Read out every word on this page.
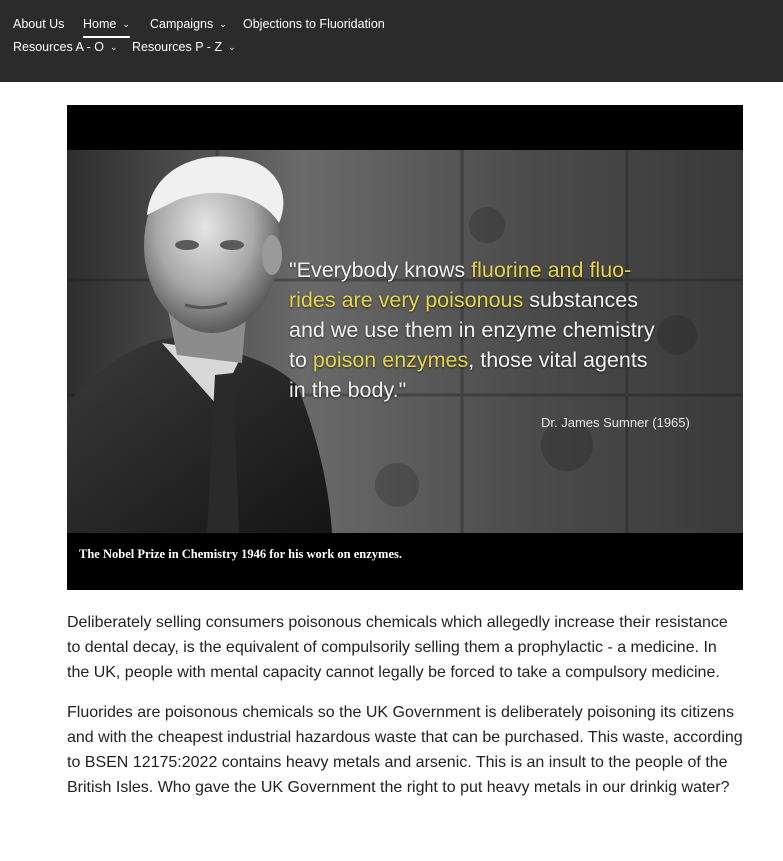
About Us Home ⌄ Campaigns ⌄ Objections to Fluoridation
Resources A - O ⌄ Resources P - Z ⌄
"Everybody knows fluorine and fluo-
rides are very poisonous substances
and we use them in enzyme chemistry
to poison enzymes, those vital agents
in the body."
Dr. James Sumner (1965)
The Nobel Prize in Chemistry 1946 for his work on enzymes.

Deliberately selling consumers poisonous chemicals which allegedly increase their resistance to dental decay, is the equivalent of compulsorily selling them a prophylactic - a medicine. In the UK, people with mental capacity cannot legally be forced to take a compulsory medicine.

Fluorides are poisonous chemicals so the UK Government is deliberately poisoning its citizens and with the cheapest industrial hazardous waste that can be purchased. This waste, according to BSEN 12175:2022 contains heavy metals and arsenic. This is an insult to the people of the British Isles. Who gave the UK Government the right to put heavy metals in our drinkig water?
